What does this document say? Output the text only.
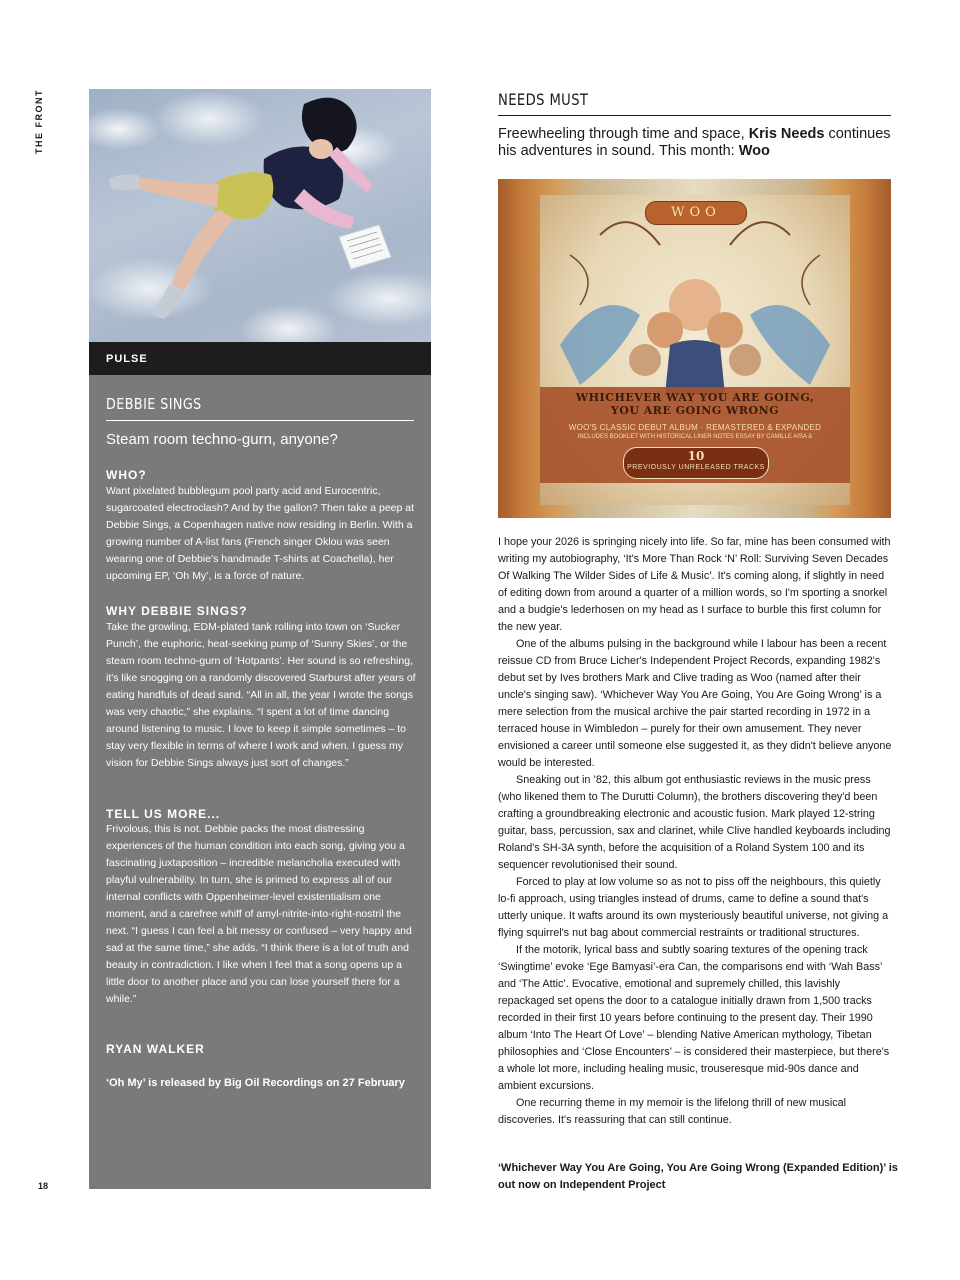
THE FRONT
18
PULSE
DEBBIE SINGS
Steam room techno-gurn, anyone?
WHO?

Want pixelated bubblegum pool party acid and Eurocentric, sugarcoated electroclash? And by the gallon? Then take a peep at Debbie Sings, a Copenhagen native now residing in Berlin. With a growing number of A-list fans (French singer Oklou was seen wearing one of Debbie's handmade T-shirts at Coachella), her upcoming EP, ‘Oh My’, is a force of nature.

WHY DEBBIE SINGS?

Take the growling, EDM-plated tank rolling into town on ‘Sucker Punch’, the euphoric, heat-seeking pump of ‘Sunny Skies’, or the steam room techno-gurn of ‘Hotpants’. Her sound is so refreshing, it's like snogging on a randomly discovered Starburst after years of eating handfuls of dead sand. “All in all, the year I wrote the songs was very chaotic,” she explains. “I spent a lot of time dancing around listening to music. I love to keep it simple sometimes – to stay very flexible in terms of where I work and when. I guess my vision for Debbie Sings always just sort of changes.”

TELL US MORE...

Frivolous, this is not. Debbie packs the most distressing experiences of the human condition into each song, giving you a fascinating juxtaposition – incredible melancholia executed with playful vulnerability. In turn, she is primed to express all of our internal conflicts with Oppenheimer-level existentialism one moment, and a carefree whiff of amyl-nitrite-into-right-nostril the next. “I guess I can feel a bit messy or confused – very happy and sad at the same time,” she adds. “I think there is a lot of truth and beauty in contradiction. I like when I feel that a song opens up a little door to another place and you can lose yourself there for a while.”

RYAN WALKER
‘Oh My’ is released by Big Oil Recordings on 27 February
NEEDS MUST
Freewheeling through time and space, Kris Needs continues his adventures in sound. This month: Woo
WOO
WHICHEVER WAY YOU ARE GOING,
YOU ARE GOING WRONG
WOO'S CLASSIC DEBUT ALBUM · REMASTERED & EXPANDED
INCLUDES BOOKLET WITH HISTORICAL LINER NOTES ESSAY BY CAMILLE AISA &
10
PREVIOUSLY UNRELEASED TRACKS

I hope your 2026 is springing nicely into life. So far, mine has been consumed with writing my autobiography, ‘It's More Than Rock ‘N’ Roll: Surviving Seven Decades Of Walking The Wilder Sides of Life & Music’. It's coming along, if slightly in need of editing down from around a quarter of a million words, so I'm sporting a snorkel and a budgie's lederhosen on my head as I surface to burble this first column for the new year.

One of the albums pulsing in the background while I labour has been a recent reissue CD from Bruce Licher's Independent Project Records, expanding 1982's debut set by Ives brothers Mark and Clive trading as Woo (named after their uncle's singing saw). ‘Whichever Way You Are Going, You Are Going Wrong’ is a mere selection from the musical archive the pair started recording in 1972 in a terraced house in Wimbledon – purely for their own amusement. They never envisioned a career until someone else suggested it, as they didn't believe anyone would be interested.

Sneaking out in ’82, this album got enthusiastic reviews in the music press (who likened them to The Durutti Column), the brothers discovering they'd been crafting a groundbreaking electronic and acoustic fusion. Mark played 12-string guitar, bass, percussion, sax and clarinet, while Clive handled keyboards including Roland's SH-3A synth, before the acquisition of a Roland System 100 and its sequencer revolutionised their sound.

Forced to play at low volume so as not to piss off the neighbours, this quietly lo-fi approach, using triangles instead of drums, came to define a sound that's utterly unique. It wafts around its own mysteriously beautiful universe, not giving a flying squirrel's nut bag about commercial restraints or traditional structures.

If the motorik, lyrical bass and subtly soaring textures of the opening track ‘Swingtime’ evoke ‘Ege Bamyasi’-era Can, the comparisons end with ‘Wah Bass’ and ‘The Attic’. Evocative, emotional and supremely chilled, this lavishly repackaged set opens the door to a catalogue initially drawn from 1,500 tracks recorded in their first 10 years before continuing to the present day. Their 1990 album ‘Into The Heart Of Love’ – blending Native American mythology, Tibetan philosophies and ‘Close Encounters’ – is considered their masterpiece, but there's a whole lot more, including healing music, trouseresque mid-90s dance and ambient excursions.

One recurring theme in my memoir is the lifelong thrill of new musical discoveries. It's reassuring that can still continue.

‘Whichever Way You Are Going, You Are Going Wrong (Expanded Edition)’ is out now on Independent Project
